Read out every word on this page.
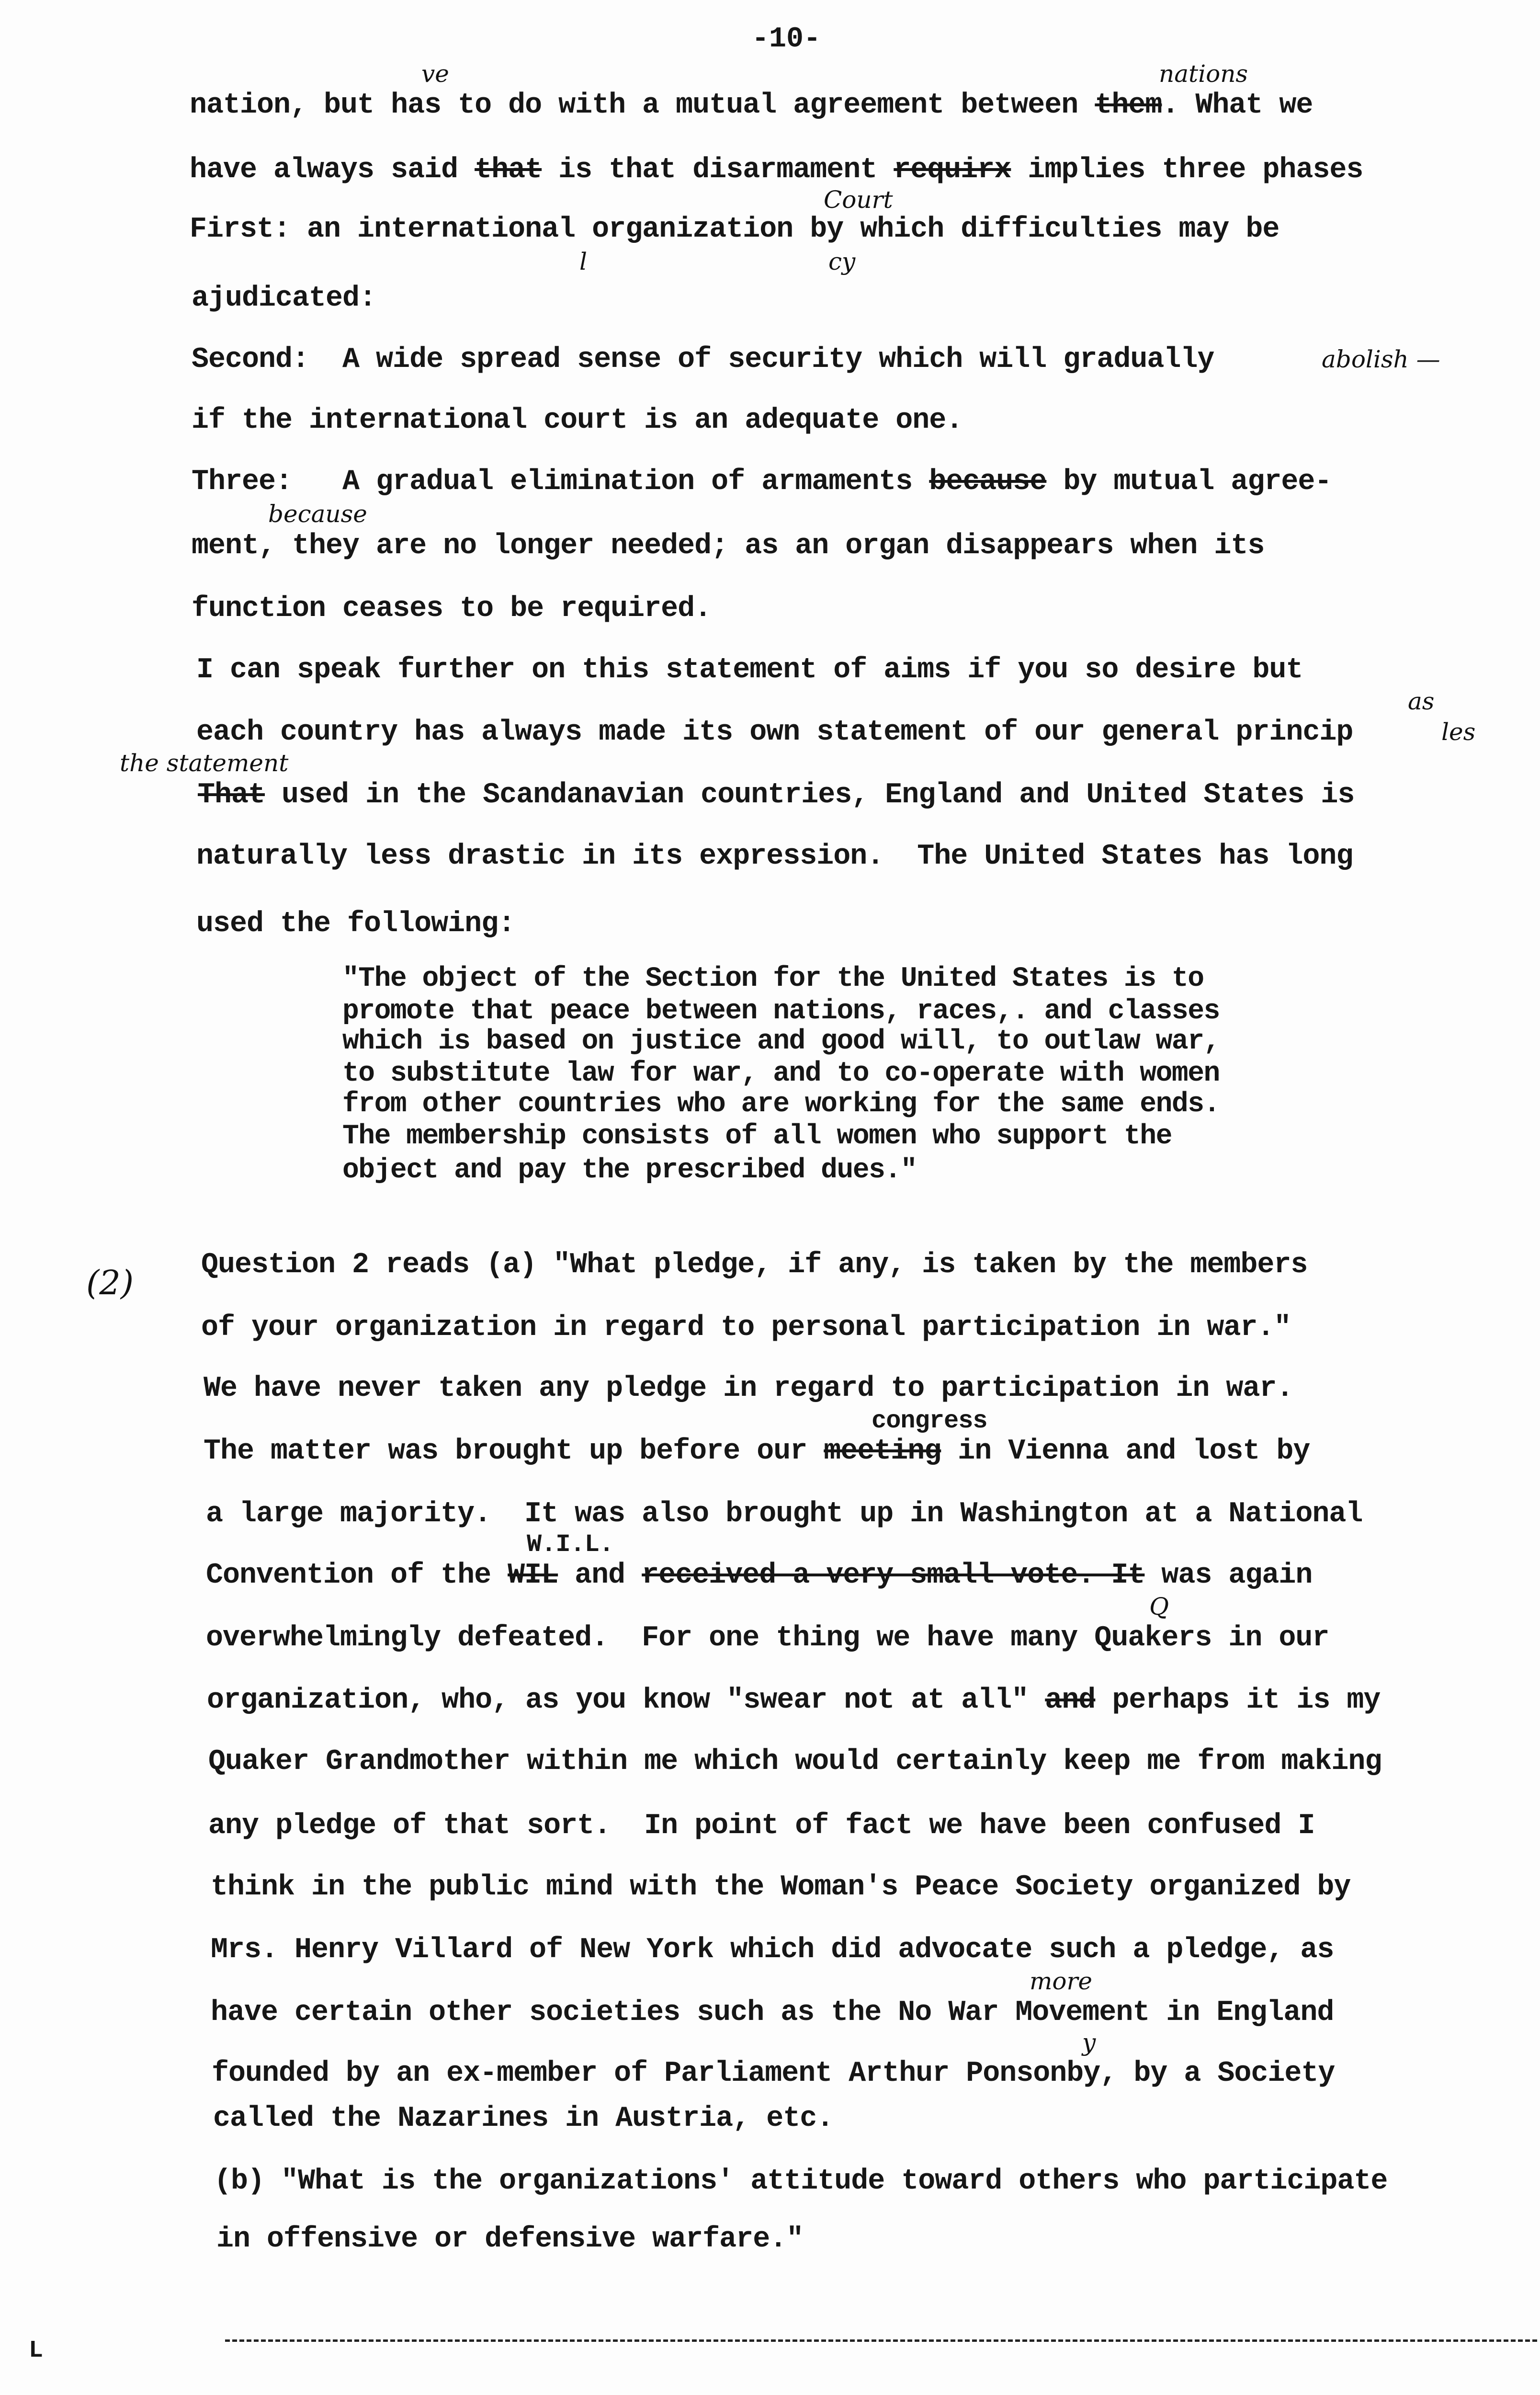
-10-
nation, but has to do with a mutual agreement between them. What we
have always said that is that disarmament requirx implies three phases
First: an international organization by which difficulties may be
ajudicated:
Second:  A wide spread sense of security which will gradually
if the international court is an adequate one.
Three:   A gradual elimination of armaments because by mutual agree-
ment, they are no longer needed; as an organ disappears when its
function ceases to be required.
I can speak further on this statement of aims if you so desire but
each country has always made its own statement of our general princip
That used in the Scandanavian countries, England and United States is
naturally less drastic in its expression.  The United States has long
used the following:
"The object of the Section for the United States is to
promote that peace between nations, races,. and classes
which is based on justice and good will, to outlaw war,
to substitute law for war, and to co-operate with women
from other countries who are working for the same ends.
The membership consists of all women who support the
object and pay the prescribed dues."
Question 2 reads (a) "What pledge, if any, is taken by the members
of your organization in regard to personal participation in war."
We have never taken any pledge in regard to participation in war.
The matter was brought up before our meeting in Vienna and lost by
a large majority.  It was also brought up in Washington at a National
Convention of the WIL and received a very small vote. It was again
overwhelmingly defeated.  For one thing we have many Quakers in our
organization, who, as you know "swear not at all" and perhaps it is my
Quaker Grandmother within me which would certainly keep me from making
any pledge of that sort.  In point of fact we have been confused I
think in the public mind with the Woman's Peace Society organized by
Mrs. Henry Villard of New York which did advocate such a pledge, as
have certain other societies such as the No War Movement in England
founded by an ex-member of Parliament Arthur Ponsonby, by a Society
called the Nazarines in Austria, etc.
(b) "What is the organizations' attitude toward others who participate
in offensive or defensive warfare."
congress
W.I.L.
ve	nations
Court
cy
l
abolish —
because
as
les
the statement
(2)
more
Q
y
L
